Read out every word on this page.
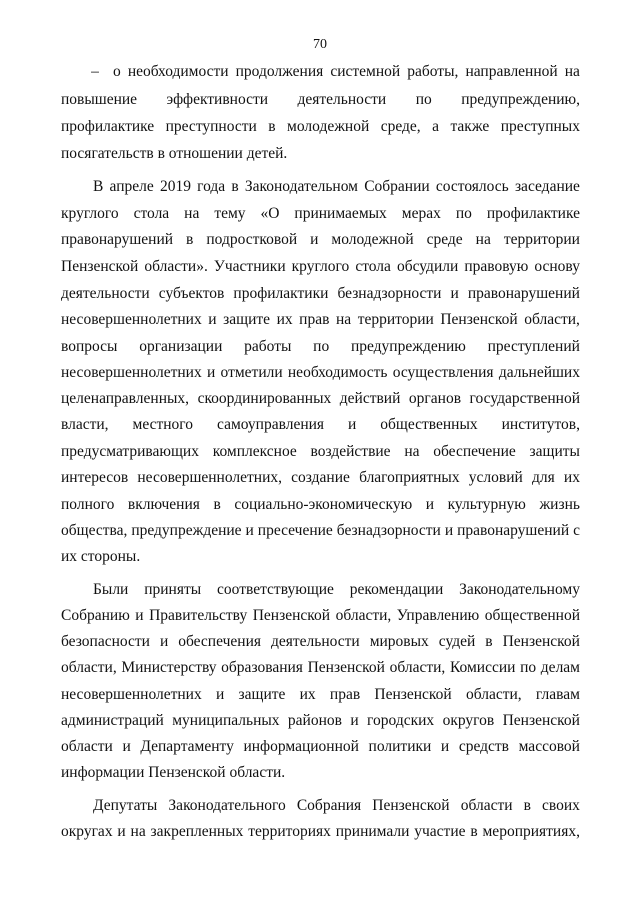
70
– о необходимости продолжения системной работы, направленной на
повышение эффективности деятельности по предупреждению,
профилактике преступности в молодежной среде, а также преступных
посягательств в отношении детей.
В апреле 2019 года в Законодательном Собрании состоялось заседание
круглого стола на тему «О принимаемых мерах по профилактике
правонарушений в подростковой и молодежной среде на территории
Пензенской области». Участники круглого стола обсудили правовую основу
деятельности субъектов профилактики безнадзорности и правонарушений
несовершеннолетних и защите их прав на территории Пензенской области,
вопросы организации работы по предупреждению преступлений
несовершеннолетних и отметили необходимость осуществления дальнейших
целенаправленных, скоординированных действий органов государственной
власти, местного самоуправления и общественных институтов,
предусматривающих комплексное воздействие на обеспечение защиты
интересов несовершеннолетних, создание благоприятных условий для их
полного включения в социально-экономическую и культурную жизнь
общества, предупреждение и пресечение безнадзорности и правонарушений с
их стороны.
Были приняты соответствующие рекомендации Законодательному
Собранию и Правительству Пензенской области, Управлению общественной
безопасности и обеспечения деятельности мировых судей в Пензенской
области, Министерству образования Пензенской области, Комиссии по делам
несовершеннолетних и защите их прав Пензенской области, главам
администраций муниципальных районов и городских округов Пензенской
области и Департаменту информационной политики и средств массовой
информации Пензенской области.
Депутаты Законодательного Собрания Пензенской области в своих
округах и на закрепленных территориях принимали участие в мероприятиях,
